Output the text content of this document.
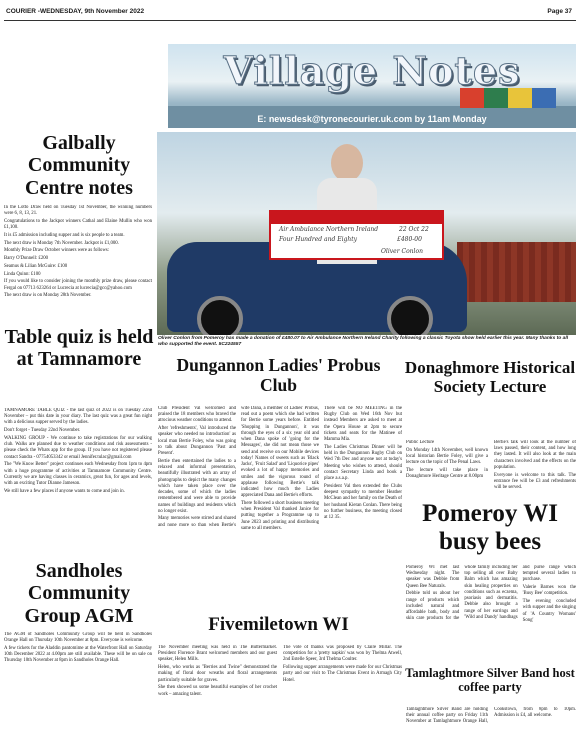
COURIER -WEDNESDAY, 9th November 2022	Page 37
Village Notes
E: newsdesk@tyronecourier.uk.com by 11am Monday
Galbally Community Centre notes

In the Lotto Draw held on Tuesday 1st November, the winning numbers were 6, 8, 13, 21.

Congratulations to the Jackpot winners Cathal and Elaine Mullin who won £1,100.

It is £5 admission including supper and is six people to a team.

The next draw is Monday 7th November. Jackpot is £1,000.

Monthly Prize Draw October winners were as follows:

Barry O'Donnell: £200

Seamus & Lilian McGuire: £100

Linda Quinn: £100

If you would like to consider joining the monthly prize draw, please contact Fergal on 07713 623264 or Lucrecia at lucrecia@gcc@yahoo.com

The next draw is on Monday 28th November.

Table quiz is held at Tamnamore

TAMNAMORE TABLE QUIZ - the last quiz of 2022 is on Tuesday 22nd November – put this date in your diary. The last quiz was a great fun night with a delicious supper served by the ladies.

Don't forget - Tuesday 22nd November.

WALKING GROUP - We continue to take registrations for our walking club. Walks are planned due to weather conditions and risk assessments - please check the Whats app for the group. If you have not registered please contact Sandra - 07754053342 or email Jennifer.tulac@gmail.com

The "We Know Better" project continues each Wednesday from 1pm to 4pm with a huge programme of activities at Tamnamore Community Centre. Currently we are having classes in ceramics, great fun, for ages and levels, with an exciting Tutor Dianne Jameson.

We still have a few places if anyone wants to come and join in.

Sandholes Community Group AGM

The AGM of Sandholes Community Group will be held in Sandholes Orange Hall on Thursday 10th November at 8pm. Everyone is welcome.

A few tickets for the Aladdin pantomime at the Waterfront Hall on Saturday 10th December 2022 at 4.00pm are still available. These will be on sale on Thursday 10th November at 8pm in Sandholes Orange Hall.

Air Ambulance Northern Ireland
Four Hundred and Eighty	£480-00
22 Oct 22
Oliver Conlon
Oliver Conlon from Pomeroy has made a donation of £480.07 to Air Ambulance Northern Ireland Charity following a classic Toyota show held earlier this year. Many thanks to all who supported the event. 5C224557
Dungannon Ladies' Probus Club

Club President Val welcomed and praised the 18 members who braved the atrocious weather conditions to attend.

After 'refreshments', Val introduced the speaker who needed no introduction' as local man Bertie Foley, who was going to talk about Dungannon 'Past and Present'.

Bertie then entertained the ladies to a relaxed and informal presentation, beautifully illustrated with an array of photographs to depict the many changes which have taken place over the decades, some of which the ladies remembered and were able to provide names of buildings and residents which no longer exist.

Many memories were stirred and shared and none more so than when Bertie's wife Dana, a member of Ladies' Probus, read out a poem which she had written for Bertie some years before. Entitled 'Shopping in Dungannon', it was through the eyes of a six year old and when Dana spoke of 'going for the Messages', she did not mean those we send and receive on our Mobile devices today! Names of sweets such as 'Black Jacks', 'Fruit Salad' and 'Liquorice pipes' evoked a lot of happy memories and smiles and the vigorous round of applause following Bertie's talk indicated how much the Ladies appreciated Dana and Bertie's efforts.

There followed a short business meeting when President Val thanked Janice for putting together a Programme up to June 2023 and printing and distributing same to all members.

There will be NO MEETING in the Rugby Club on Wed 16th Nov but instead Members are asked to meet at the Opera House at 2pm to secure tickets and seats for the Matinee of Mamma Mia.

The Ladies Christmas Dinner will be held in the Dungannon Rugby Club on Wed 7th Dec and anyone not at today's Meeting who wishes to attend, should contact Secretary Linda and book a place a.s.a.p.

President Val then extended the Clubs deepest sympathy to member Heather McClean and her family on the Death of her husband Kieran Conlan. There being no further business, the meeting closed at 12 35.

Fivemiletown WI

The November meeting was held in The Buttermarket. President Florence Brant welcomed members and our guest speaker, Helen Mills.

Helen, who works as "Berries and Twine" demonstrated the making of floral door wreaths and floral arrangements particularly suitable for graves.

She then showed us some beautiful examples of her crochet work – amazing talent.

The vote of thanks was proposed by Claire Millar. The competition for a 'pretty napkin' was won by Thelma Atwell, 2nd Estelle Speer, 3rd Thelma Coulter.

Following supper arrangements were made for our Christmas party and our visit to The Christmas Event in Armagh City Hotel.

Donaghmore Historical Society Lecture

Public Lecture

On Monday 14th November, well known local historian Bertie Foley, will give a lecture on the topic of The Penal Laws.

The lecture will take place in Donaghmore Heritage Centre at 8.00pm

Bertie's talk will look at the number of laws passed, their content, and how long they lasted. It will also look at the main characters involved and the effects on the population.

Everyone is welcome to this talk. The entrance fee will be £3 and refreshments will be served.

Pomeroy WI busy bees

Pomeroy WI met last Wednesday night. The speaker was Debbie from Queen Bee Naturals.

Debbie told us about her range of products which included natural and affordable bath, body and skin care products for the whole family including her top selling all over Baby Balm which has amazing skin healing properties on conditions such as eczema, psoriasis and dermatitis. Debbie also brought a range of her earrings and 'Wild and Dandy' handbags and purse range which tempted several ladies to purchase.

Valerie Barnes won the 'Busy Bee' competition.

The evening concluded with supper and the singing of 'A Country Womans' Song'

Tamlaghtmore Silver Band host coffee party

Tamlaghtmore Silver Band are holding their annual coffee party on Friday 11th November at Tamlaghtmore Orange Hall, Cookstown, from 8pm to 10pm. Admission is £4, all welcome.
